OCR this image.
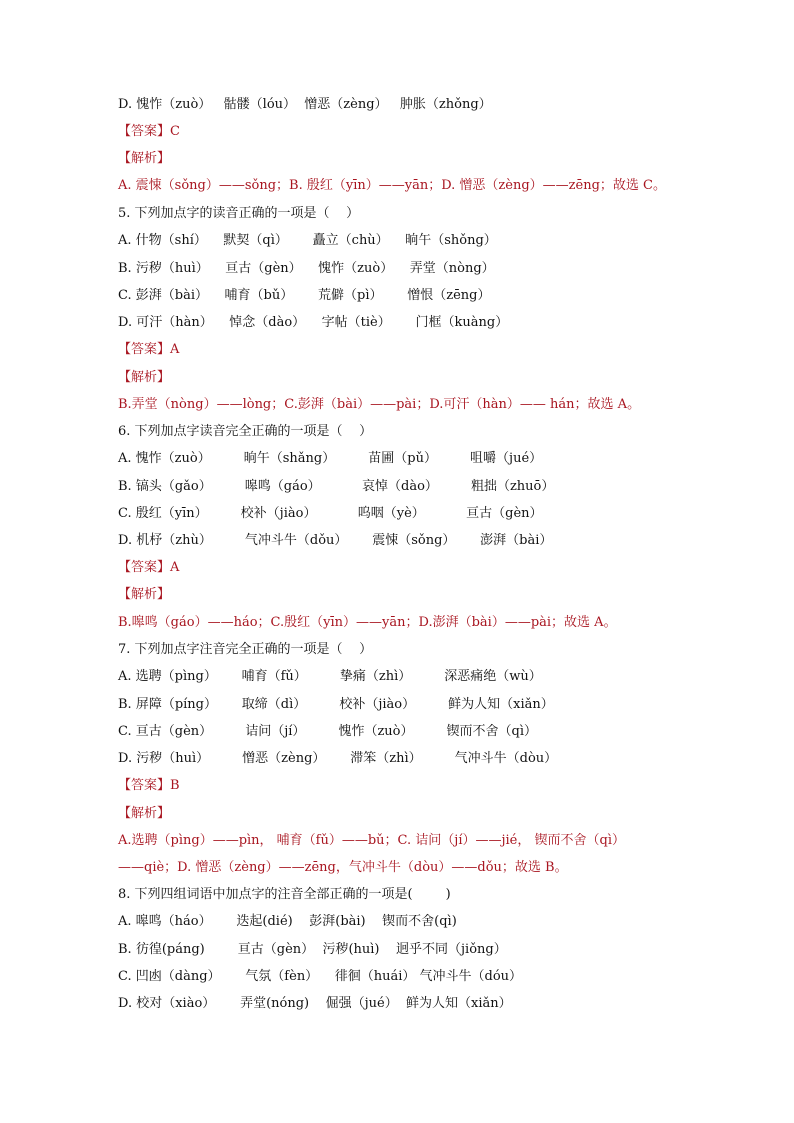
D. 愧怍（zuò）   骷髅（lóu）  憎恶（zèng）   肿胀（zhǒng）
【答案】C
【解析】
A. 震悚（sǒng）——sǒng；B. 殷红（yīn）——yān；D. 憎恶（zèng）——zēng；故选 C。
5. 下列加点字的读音正确的一项是（    ）
A. 什物（shí）    默契（qì）      矗立（chù）    晌午（shǒng）
B. 污秽（huì）    亘古（gèn）    愧怍（zuò）    弄堂（nòng）
C. 彭湃（bài）    哺育（bǔ）      荒僻（pì）      憎恨（zēng）
D. 可汗（hàn）    悼念（dào）    字帖（tiè）      门框（kuàng）
【答案】A
【解析】
B.弄堂（nòng）——lòng；C.彭湃（bài）——pài；D.可汗（hàn）—— hán；故选 A。
6. 下列加点字读音完全正确的一项是（    ）
A. 愧怍（zuò）        晌午（shǎng）        苗圃（pǔ）        咀嚼（jué）
B. 镐头（gǎo）        嗥鸣（gáo）          哀悼（dào）        粗拙（zhuō）
C. 殷红（yīn）        校补（jiào）          呜咽（yè）          亘古（gèn）
D. 机杼（zhù）        气冲斗牛（dǒu）      震悚（sǒng）      澎湃（bài）
【答案】A
【解析】
B.嗥鸣（gáo）——háo；C.殷红（yīn）——yān；D.澎湃（bài）——pài；故选 A。
7. 下列加点字注音完全正确的一项是（    ）
A. 选聘（pìng）      哺育（fǔ）        挚痛（zhì）        深恶痛绝（wù）
B. 屏障（píng）      取缔（dì）        校补（jiào）        鲜为人知（xiǎn）
C. 亘古（gèn）        诘问（jí）        愧怍（zuò）        锲而不舍（qì）
D. 污秽（huì）        憎恶（zèng）      滞笨（zhì）        气冲斗牛（dòu）
【答案】B
【解析】
A.选聘（pìng）——pìn， 哺育（fǔ）——bǔ；C. 诘问（jí）——jié， 锲而不舍（qì）
——qiè；D. 憎恶（zèng）——zēng，气冲斗牛（dòu）——dǒu；故选 B。
8. 下列四组词语中加点字的注音全部正确的一项是(        )
A. 嗥鸣（háo）      迭起(dié)    彭湃(bài)    锲而不舍(qì)
B. 彷徨(páng)        亘古（gèn）  污秽(huì)    迥乎不同（jiǒng）
C. 凹凼（dàng）      气氛（fèn）    徘徊（huái） 气冲斗牛（dóu）
D. 校对（xiào）      弄堂(nóng)    倔强（jué）  鲜为人知（xiǎn）
